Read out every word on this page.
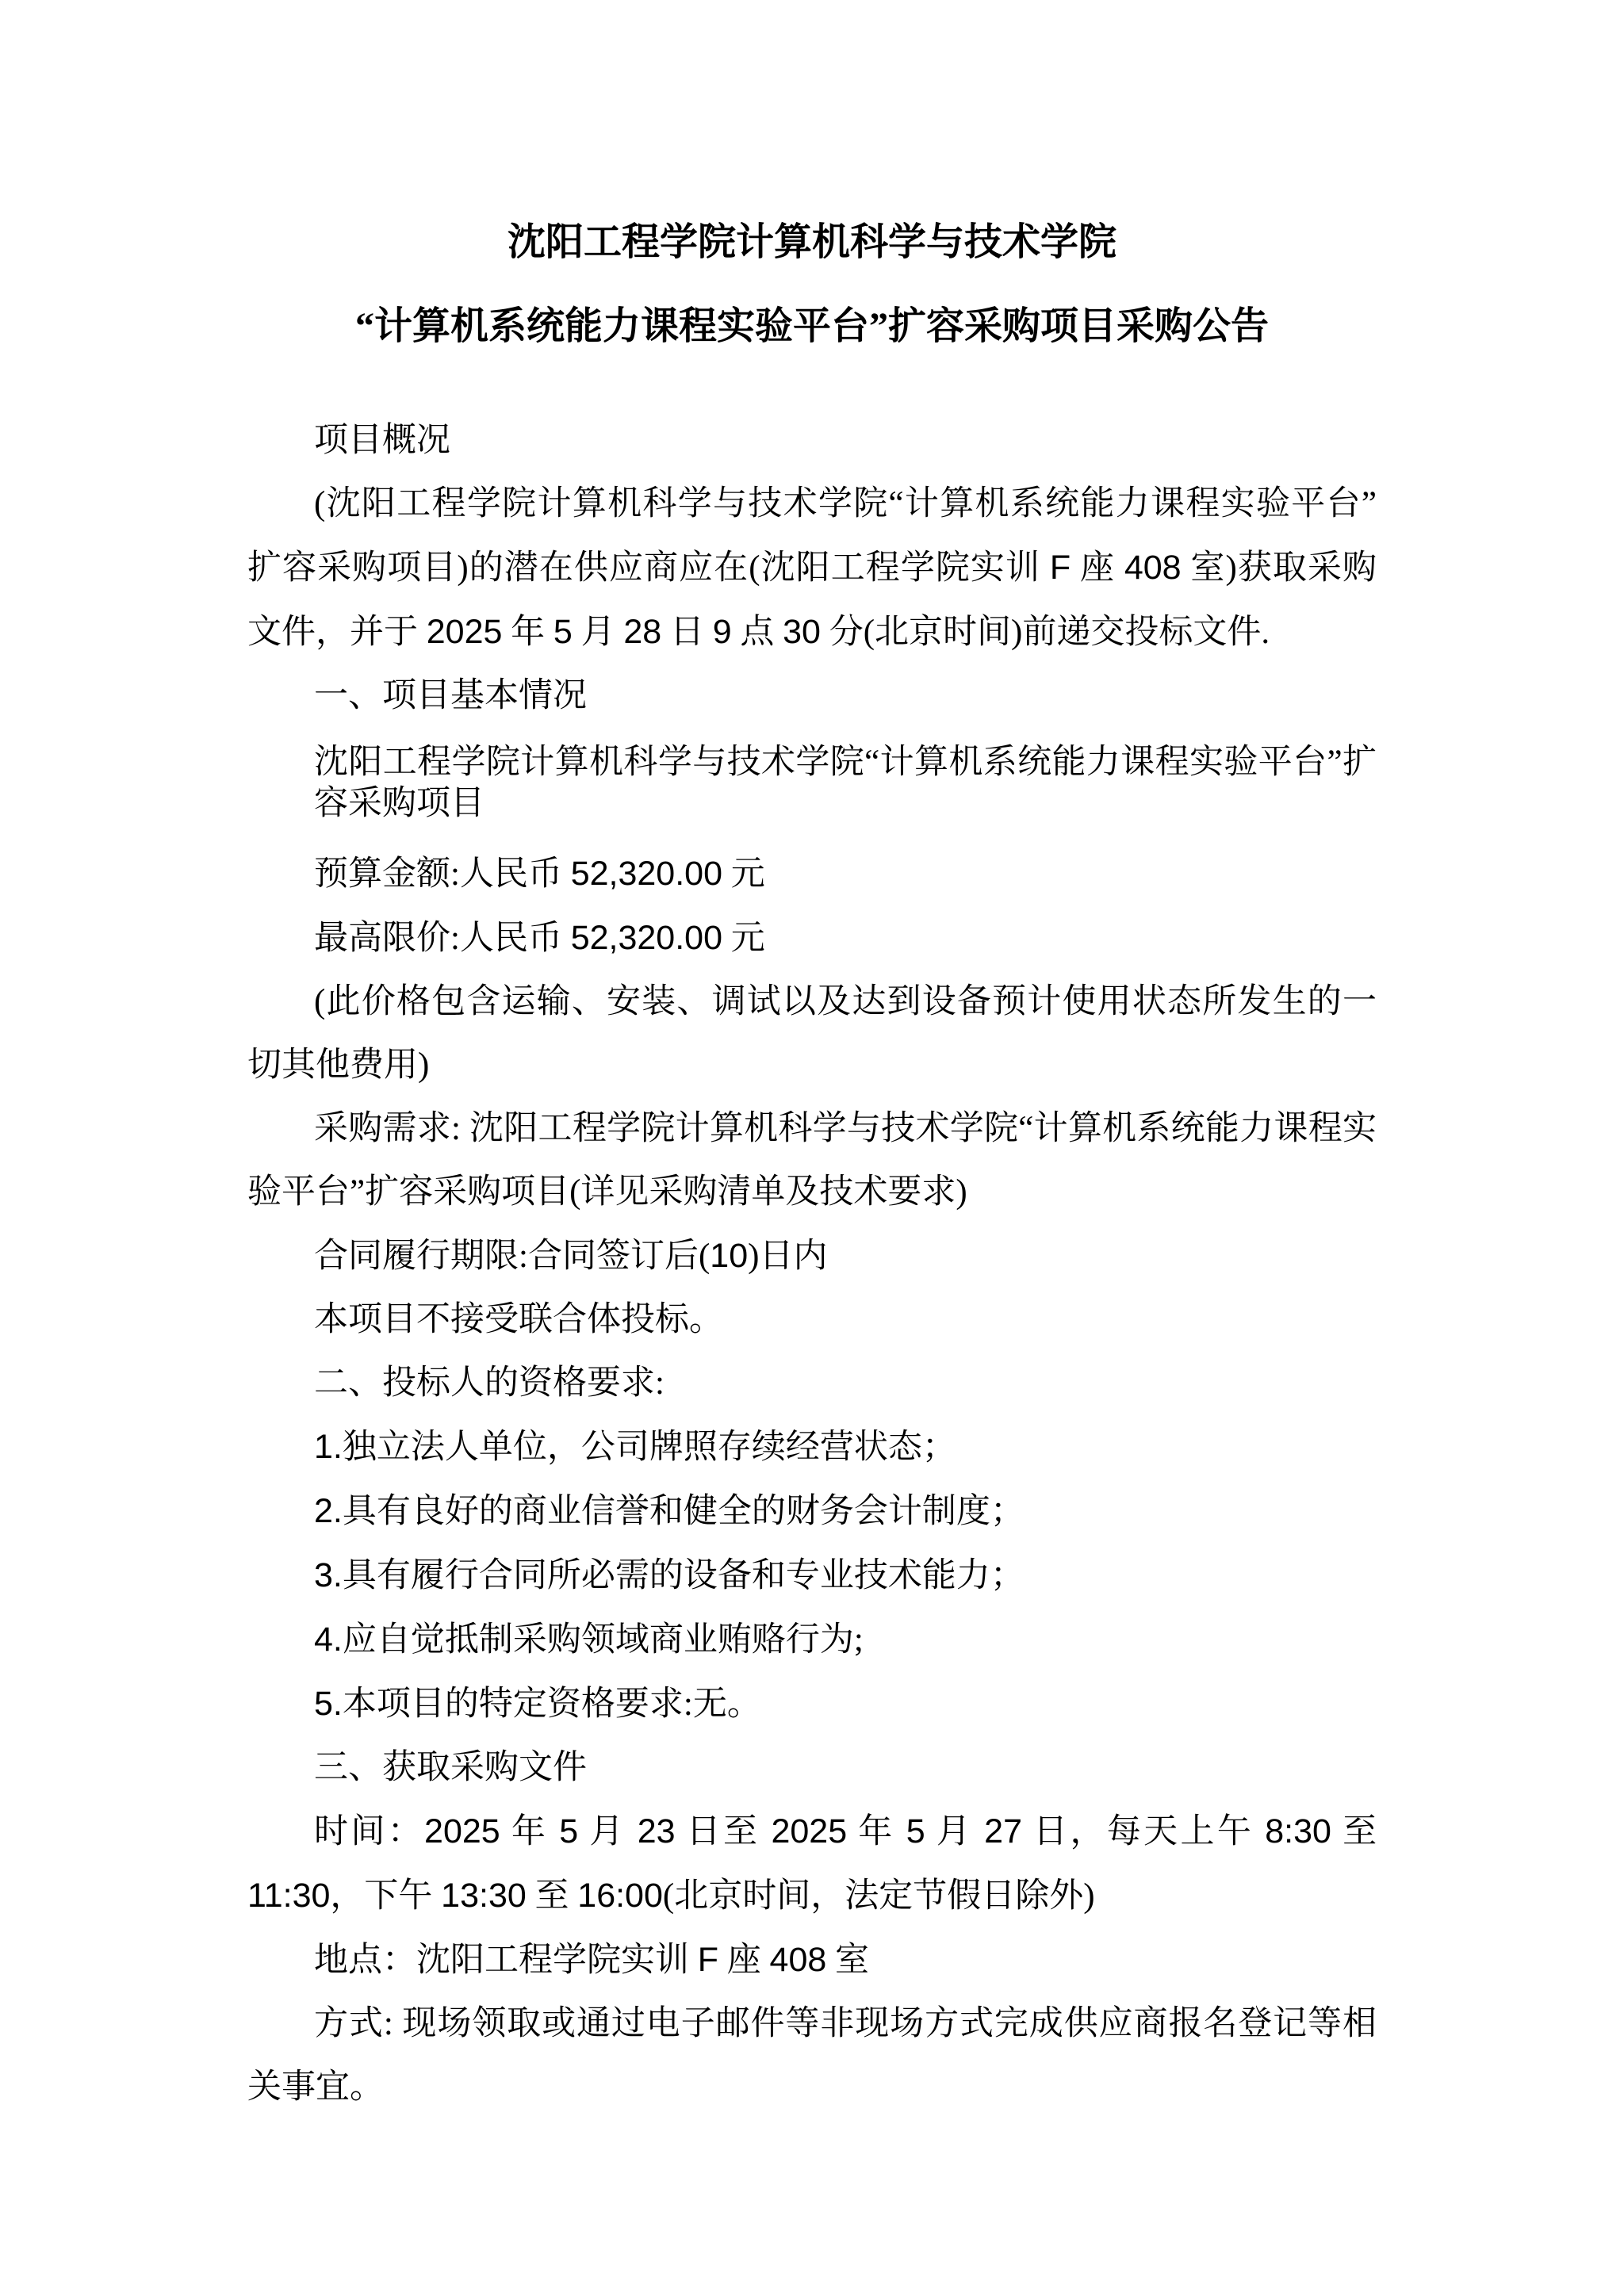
沈阳工程学院计算机科学与技术学院
“计算机系统能力课程实验平台”扩容采购项目采购公告

项目概况

(沈阳工程学院计算机科学与技术学院“计算机系统能力课程实验平台”扩容采购项目)的潜在供应商应在(沈阳工程学院实训 F 座 408 室)获取采购文件，并于 2025 年 5 月 28 日 9 点 30 分(北京时间)前递交投标文件.

一、项目基本情况

沈阳工程学院计算机科学与技术学院“计算机系统能力课程实验平台”扩容采购项目

预算金额:人民币 52,320.00 元

最高限价:人民币 52,320.00 元

(此价格包含运输、安装、调试以及达到设备预计使用状态所发生的一切其他费用)

采购需求: 沈阳工程学院计算机科学与技术学院“计算机系统能力课程实验平台”扩容采购项目(详见采购清单及技术要求)

合同履行期限:合同签订后(10)日内

本项目不接受联合体投标。

二、投标人的资格要求:

1.独立法人单位，公司牌照存续经营状态；

2.具有良好的商业信誉和健全的财务会计制度；

3.具有履行合同所必需的设备和专业技术能力；

4.应自觉抵制采购领域商业贿赂行为;

5.本项目的特定资格要求:无。

三、获取采购文件

时间：2025 年 5 月 23 日至 2025 年 5 月 27 日，每天上午 8:30 至 11:30，下午 13:30 至 16:00(北京时间，法定节假日除外)

地点：沈阳工程学院实训 F 座 408 室

方式: 现场领取或通过电子邮件等非现场方式完成供应商报名登记等相关事宜。
